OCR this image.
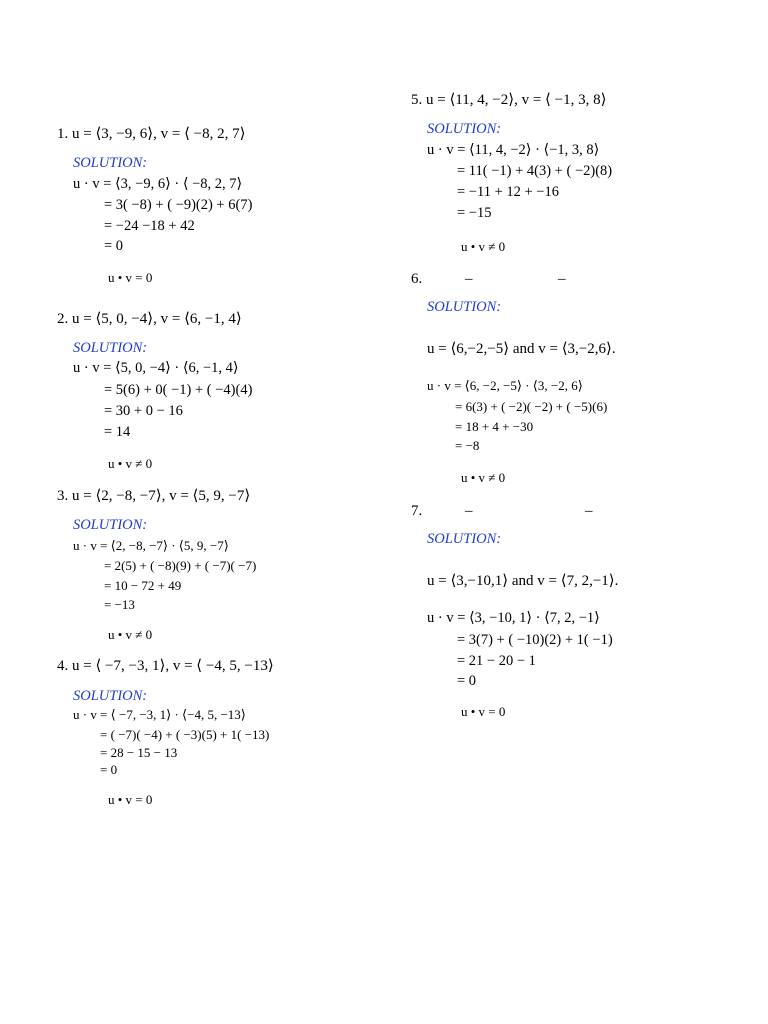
1. u = ⟨3, −9, 6⟩, v = ⟨ −8, 2, 7⟩
SOLUTION:
u · v = ⟨3, −9, 6⟩ · ⟨ −8, 2, 7⟩
= 3( −8) + ( −9)(2) + 6(7)
= −24 −18 + 42
= 0
u • v = 0
2. u = ⟨5, 0, −4⟩, v = ⟨6, −1, 4⟩
SOLUTION:
u · v = ⟨5, 0, −4⟩ · ⟨6, −1, 4⟩
= 5(6) + 0( −1) + ( −4)(4)
= 30 + 0 − 16
= 14
u • v ≠ 0
3. u = ⟨2, −8, −7⟩, v = ⟨5, 9, −7⟩
SOLUTION:
u · v = ⟨2, −8, −7⟩ · ⟨5, 9, −7⟩
= 2(5) + ( −8)(9) + ( −7)( −7)
= 10 − 72 + 49
= −13
u • v ≠ 0
4. u = ⟨ −7, −3, 1⟩, v = ⟨ −4, 5, −13⟩
SOLUTION:
u · v = ⟨ −7, −3, 1⟩ · ⟨−4, 5, −13⟩
= ( −7)( −4) + ( −3)(5) + 1( −13)
= 28 − 15 − 13
= 0
u • v = 0
5. u = ⟨11, 4, −2⟩, v = ⟨ −1, 3, 8⟩
SOLUTION:
u · v = ⟨11, 4, −2⟩ · ⟨−1, 3, 8⟩
= 11( −1) + 4(3) + ( −2)(8)
= −11 + 12 + −16
= −15
u • v ≠ 0
6.	–	–
SOLUTION:
u = ⟨6,−2,−5⟩ and v = ⟨3,−2,6⟩.
u · v = ⟨6, −2, −5⟩ · ⟨3, −2, 6⟩
= 6(3) + ( −2)( −2) + ( −5)(6)
= 18 + 4 + −30
= −8
u • v ≠ 0
7.	–	–
SOLUTION:
u = ⟨3,−10,1⟩ and v = ⟨7, 2,−1⟩.
u · v = ⟨3, −10, 1⟩ · ⟨7, 2, −1⟩
= 3(7) + ( −10)(2) + 1( −1)
= 21 − 20 − 1
= 0
u • v = 0
